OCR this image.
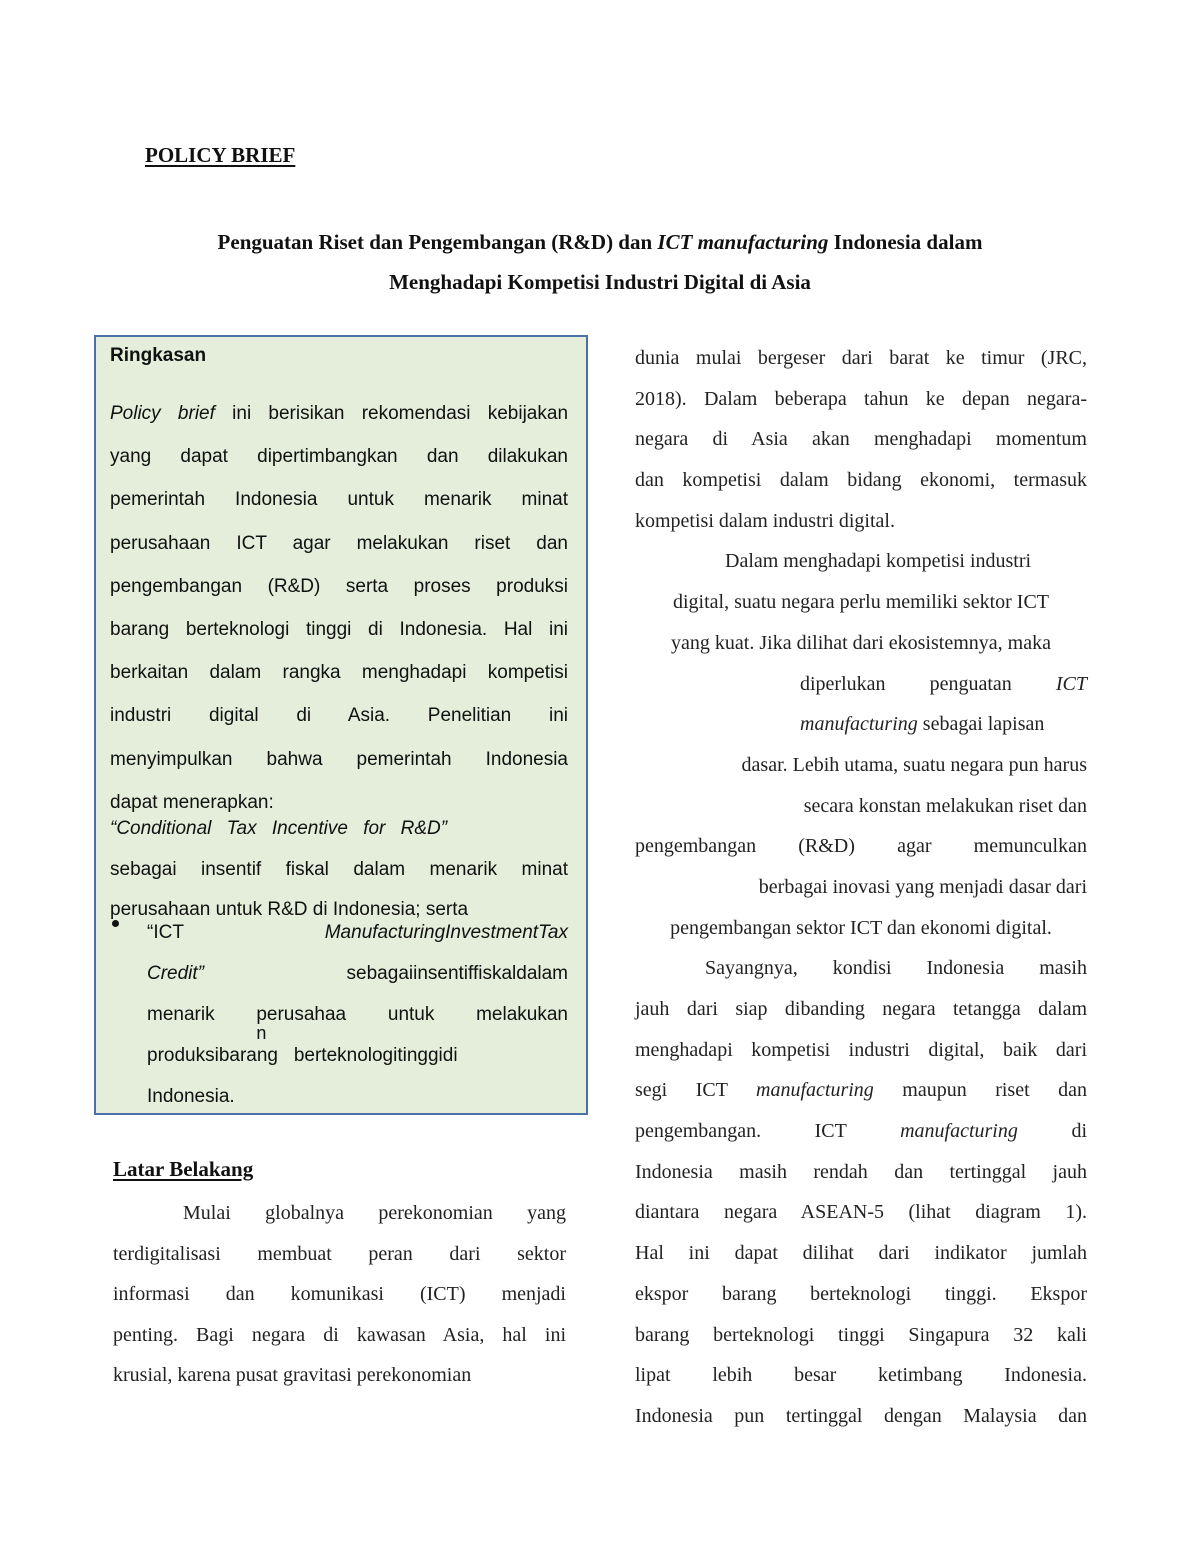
POLICY BRIEF
Penguatan Riset dan Pengembangan (R&D) dan ICT manufacturing Indonesia dalam
Menghadapi Kompetisi Industri Digital di Asia
Ringkasan
Policy brief ini berisikan rekomendasi kebijakan
yang dapat dipertimbangkan dan dilakukan
pemerintah Indonesia untuk menarik minat
perusahaan ICT agar melakukan riset dan
pengembangan (R&D) serta proses produksi
barang berteknologi tinggi di Indonesia. Hal ini
berkaitan dalam rangka menghadapi kompetisi
industri digital di Asia. Penelitian ini
menyimpulkan bahwa pemerintah Indonesia
dapat menerapkan:
“Conditional Tax Incentive for R&D”
sebagai insentif fiskal dalam menarik minat
perusahaan untuk R&D di Indonesia; serta
“ICT	ManufacturingInvestmentTax
Credit”	sebagaiinsentiffiskaldalam
menarik perusahaa
n
untuk melakukan
produksibarang berteknologitinggidi
Indonesia.
Latar Belakang
Mulai globalnya perekonomian yang
terdigitalisasi membuat peran dari sektor
informasi dan komunikasi (ICT) menjadi
penting. Bagi negara di kawasan Asia, hal ini
krusial, karena pusat gravitasi perekonomian
dunia mulai bergeser dari barat ke timur (JRC,
2018). Dalam beberapa tahun ke depan negara-
negara di Asia akan menghadapi momentum
dan kompetisi dalam bidang ekonomi, termasuk
kompetisi dalam industri digital.
Dalam menghadapi kompetisi industri
digital, suatu negara perlu memiliki sektor ICT
yang kuat. Jika dilihat dari ekosistemnya, maka
diperlukan penguatan ICT
manufacturing sebagai lapisan
dasar. Lebih utama, suatu negara pun harus
secara konstan melakukan riset dan
pengembangan (R&D) agar memunculkan
berbagai inovasi yang menjadi dasar dari
pengembangan sektor ICT dan ekonomi digital.
Sayangnya, kondisi Indonesia masih
jauh dari siap dibanding negara tetangga dalam
menghadapi kompetisi industri digital, baik dari
segi ICT manufacturing maupun riset dan
pengembangan. ICT manufacturing di
Indonesia masih rendah dan tertinggal jauh
diantara negara ASEAN-5 (lihat diagram 1).
Hal ini dapat dilihat dari indikator jumlah
ekspor barang berteknologi tinggi. Ekspor
barang berteknologi tinggi Singapura 32 kali
lipat lebih besar ketimbang Indonesia.
Indonesia pun tertinggal dengan Malaysia dan
